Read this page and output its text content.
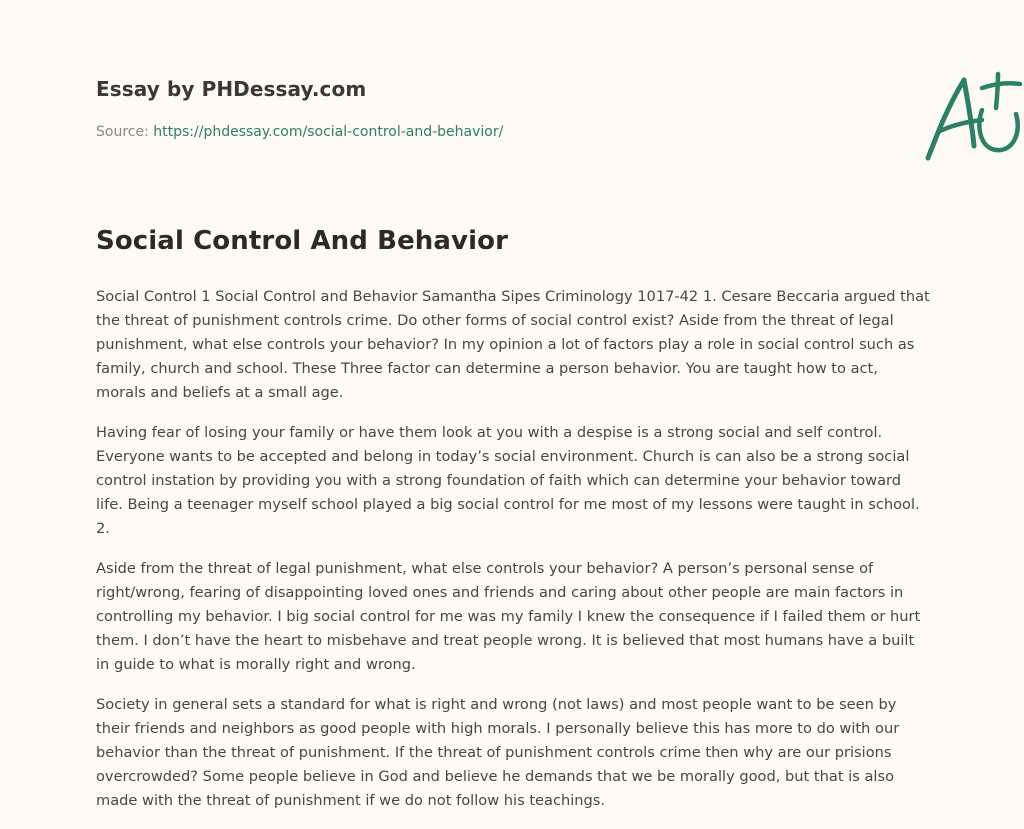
Essay by PHDessay.com
Source: https://phdessay.com/social-control-and-behavior/
Social Control And Behavior

Social Control 1 Social Control and Behavior Samantha Sipes Criminology 1017-42 1. Cesare Beccaria argued that the threat of punishment controls crime. Do other forms of social control exist? Aside from the threat of legal punishment, what else controls your behavior? In my opinion a lot of factors play a role in social control such as family, church and school. These Three factor can determine a person behavior. You are taught how to act, morals and beliefs at a small age.

Having fear of losing your family or have them look at you with a despise is a strong social and self control. Everyone wants to be accepted and belong in today’s social environment. Church is can also be a strong social control instation by providing you with a strong foundation of faith which can determine your behavior toward life. Being a teenager myself school played a big social control for me most of my lessons were taught in school. 2.

Aside from the threat of legal punishment, what else controls your behavior? A person’s personal sense of right/wrong, fearing of disappointing loved ones and friends and caring about other people are main factors in controlling my behavior. I big social control for me was my family I knew the consequence if I failed them or hurt them. I don’t have the heart to misbehave and treat people wrong. It is believed that most humans have a built in guide to what is morally right and wrong.

Society in general sets a standard for what is right and wrong (not laws) and most people want to be seen by their friends and neighbors as good people with high morals. I personally believe this has more to do with our behavior than the threat of punishment. If the threat of punishment controls crime then why are our prisions overcrowded? Some people believe in God and believe he demands that we be morally good, but that is also made with the threat of punishment if we do not follow his teachings.
